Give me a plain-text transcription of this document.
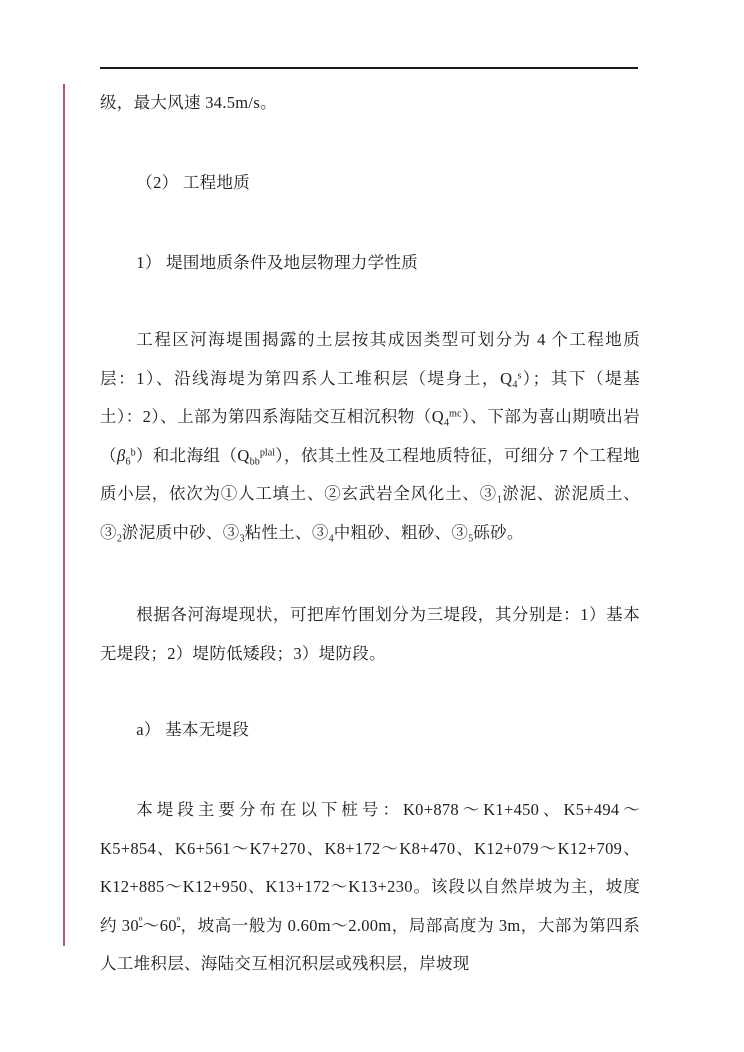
级，最大风速 34.5m/s。
（2） 工程地质
1） 堤围地质条件及地层物理力学性质
工程区河海堤围揭露的土层按其成因类型可划分为 4 个工程地质层：1）、沿线海堤为第四系人工堆积层（堤身土，$Q_4^s$）；其下（堤基土）：2）、上部为第四系海陆交互相沉积物$(Q_4^{mc})$、下部为喜山期喷出岩$(\beta_6^b)$和北海组$(Q_{bb}^{plal})$，依其土性及工程地质特征，可细分 7 个工程地质小层，依次为①人工填土、②玄武岩全风化土、$③_1$淤泥、淤泥质土、$③_2$淤泥质中砂、$③_3$粘性土、$③_4$中粗砂、粗砂、$③_5$砾砂。
根据各河海堤现状，可把库竹围划分为三堤段，其分别是：1）基本无堤段；2）堤防低矮段；3）堤防段。
a） 基本无堤段
本堤段主要分布在以下桩号：K0+878～K1+450、K5+494～K5+854、K6+561～K7+270、K8+172～K8+470、K12+079～K12+709、K12+885～K12+950、K13+172～K13+230。该段以自然岸坡为主，坡度约 $30^º\sim 60^º$，坡高一般为 0.60m～2.00m，局部高度为 3m，大部为第四系人工堆积层、海陆交互相沉积层或残积层，岸坡现
